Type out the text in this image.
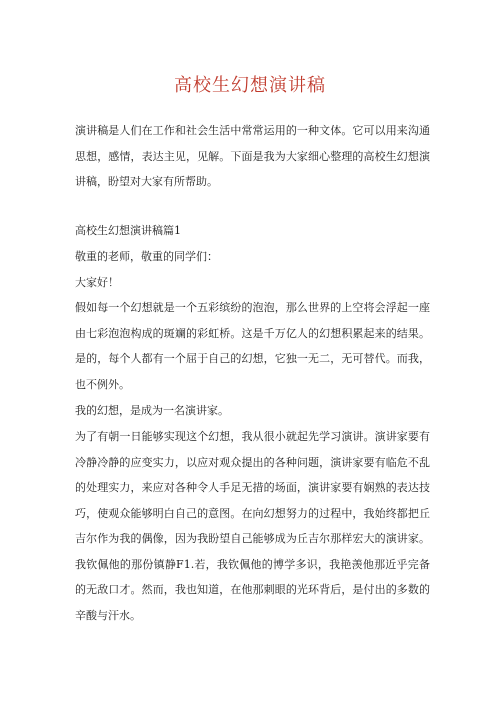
高校生幻想演讲稿

演讲稿是人们在工作和社会生活中常常运用的一种文体。它可以用来沟通思想，感情，表达主见，见解。下面是我为大家细心整理的高校生幻想演讲稿，盼望对大家有所帮助。

高校生幻想演讲稿篇1

敬重的老师，敬重的同学们：

大家好！

假如每一个幻想就是一个五彩缤纷的泡泡，那么世界的上空将会浮起一座由七彩泡泡构成的斑斓的彩虹桥。这是千万亿人的幻想积累起来的结果。是的，每个人都有一个屈于自己的幻想，它独一无二，无可替代。而我，也不例外。

我的幻想，是成为一名演讲家。

为了有朝一日能够实现这个幻想，我从很小就起先学习演讲。演讲家要有冷静冷静的应变实力，以应对观众提出的各种问题，演讲家要有临危不乱的处理实力，来应对各种令人手足无措的场面，演讲家要有娴熟的表达技巧，使观众能够明白自己的意图。在向幻想努力的过程中，我始终都把丘吉尔作为我的偶像，因为我盼望自己能够成为丘吉尔那样宏大的演讲家。我钦佩他的那份镇静F1.若，我钦佩他的博学多识，我艳羡他那近乎完备的无敌口才。然而，我也知道，在他那刺眼的光环背后，是付出的多数的辛酸与汗水。
